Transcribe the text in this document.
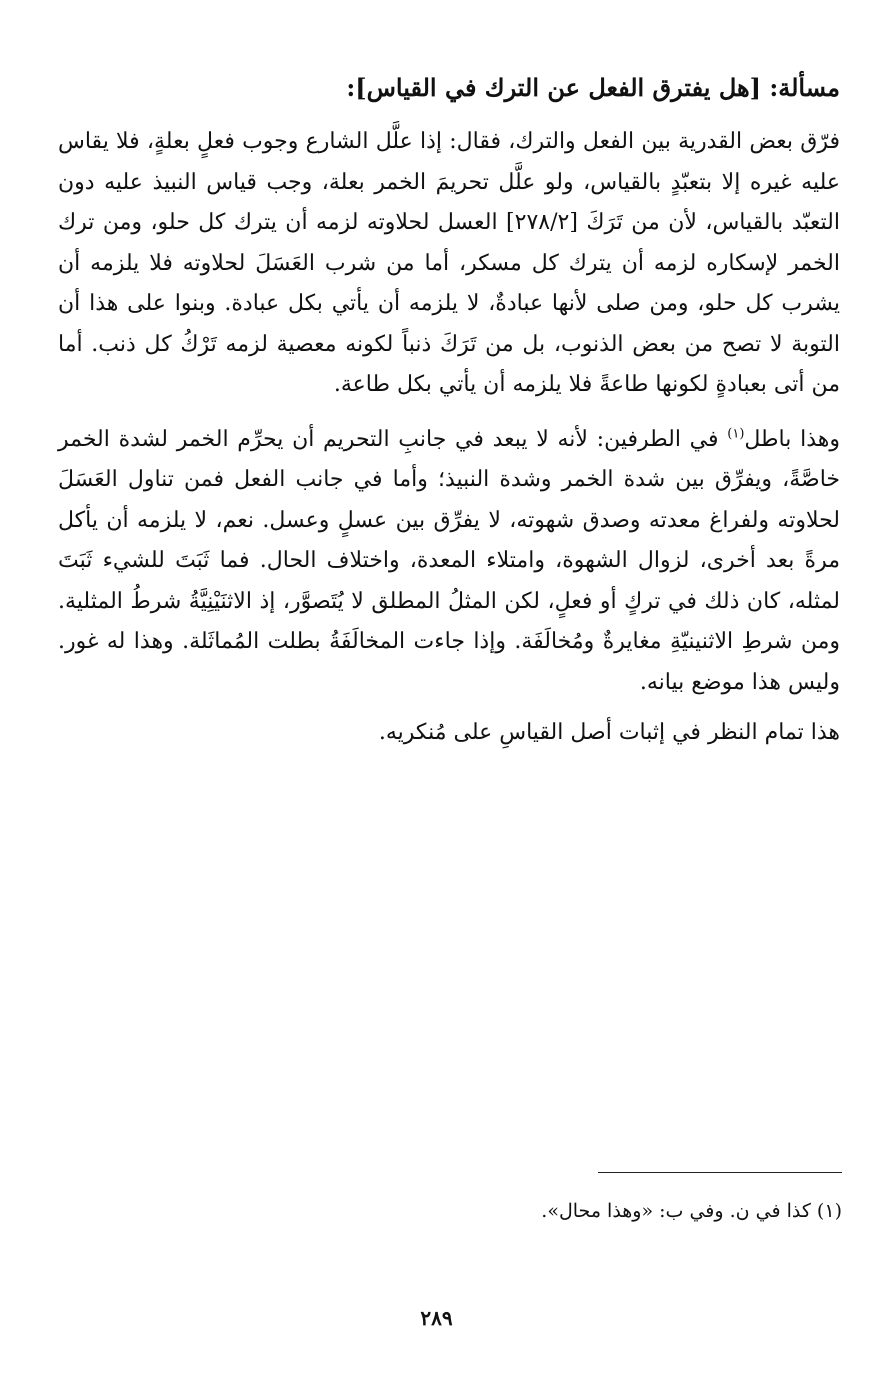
مسألة: [هل يفترق الفعل عن الترك في القياس]:

فرّق بعض القدرية بين الفعل والترك، فقال: إذا علَّل الشارع وجوب فعلٍ بعلةٍ، فلا يقاس عليه غيره إلا بتعبّدٍ بالقياس، ولو علَّل تحريمَ الخمر بعلة، وجب قياس النبيذ عليه دون التعبّد بالقياس، لأن من تَرَكَ [٢٧٨/٢] العسل لحلاوته لزمه أن يترك كل حلو، ومن ترك الخمر لإسكاره لزمه أن يترك كل مسكر، أما من شرب العَسَلَ لحلاوته فلا يلزمه أن يشرب كل حلو، ومن صلى لأنها عبادةٌ، لا يلزمه أن يأتي بكل عبادة. وبنوا على هذا أن التوبة لا تصح من بعض الذنوب، بل من تَرَكَ ذنباً لكونه معصية لزمه تَرْكُ كل ذنب. أما من أتى بعبادةٍ لكونها طاعةً فلا يلزمه أن يأتي بكل طاعة.

وهذا باطل$^{(١)}$ في الطرفين: لأنه لا يبعد في جانبِ التحريم أن يحرِّم الخمر لشدة الخمر خاصَّةً، ويفرِّق بين شدة الخمر وشدة النبيذ؛ وأما في جانب الفعل فمن تناول العَسَلَ لحلاوته ولفراغ معدته وصدق شهوته، لا يفرِّق بين عسلٍ وعسل. نعم، لا يلزمه أن يأكل مرةً بعد أخرى، لزوال الشهوة، وامتلاء المعدة، واختلاف الحال. فما ثَبَتَ للشيء ثَبَتَ لمثله، كان ذلك في تركٍ أو فعلٍ، لكن المثلُ المطلق لا يُتَصوَّر، إذ الاثنَيْنِيَّةُ شرطُ المثلية. ومن شرطِ الاثنينيّةِ مغايرةٌ ومُخالَفَة. وإذا جاءت المخالَفَةُ بطلت المُماثَلة. وهذا له غور. وليس هذا موضع بيانه.

هذا تمام النظر في إثبات أصل القياسِ على مُنكريه.

(١) كذا في ن. وفي ب: «وهذا محال».
٢٨٩
